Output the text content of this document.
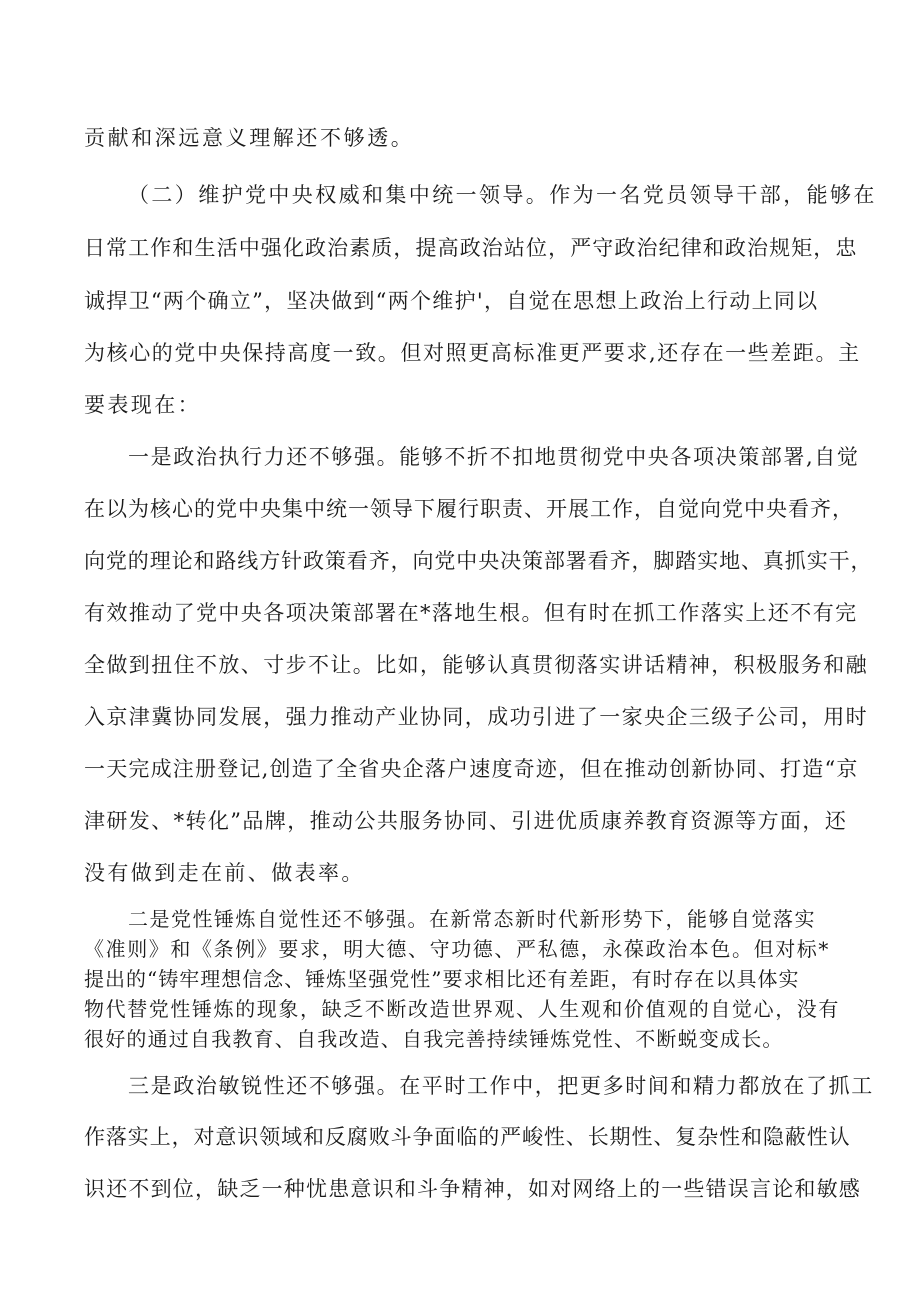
贡献和深远意义理解还不够透。
（二）维护党中央权威和集中统一领导。作为一名党员领导干部，能够在
日常工作和生活中强化政治素质，提高政治站位，严守政治纪律和政治规矩，忠
诚捍卫“两个确立”，坚决做到“两个维护'，自觉在思想上政治上行动上同以
为核心的党中央保持高度一致。但对照更高标准更严要求,还存在一些差距。主
要表现在：
一是政治执行力还不够强。能够不折不扣地贯彻党中央各项决策部署,自觉
在以为核心的党中央集中统一领导下履行职责、开展工作，自觉向党中央看齐，
向党的理论和路线方针政策看齐，向党中央决策部署看齐，脚踏实地、真抓实干，
有效推动了党中央各项决策部署在*落地生根。但有时在抓工作落实上还不有完
全做到扭住不放、寸步不让。比如，能够认真贯彻落实讲话精神，积极服务和融
入京津冀协同发展，强力推动产业协同，成功引进了一家央企三级子公司，用时
一天完成注册登记,创造了全省央企落户速度奇迹，但在推动创新协同、打造“京
津研发、*转化”品牌，推动公共服务协同、引进优质康养教育资源等方面，还
没有做到走在前、做表率。
二是党性锤炼自觉性还不够强。在新常态新时代新形势下，能够自觉落实
《准则》和《条例》要求，明大德、守功德、严私德，永葆政治本色。但对标*
提出的“铸牢理想信念、锤炼坚强党性”要求相比还有差距，有时存在以具体实
物代替党性锤炼的现象，缺乏不断改造世界观、人生观和价值观的自觉心，没有
很好的通过自我教育、自我改造、自我完善持续锤炼党性、不断蜕变成长。
三是政治敏锐性还不够强。在平时工作中，把更多时间和精力都放在了抓工
作落实上，对意识领域和反腐败斗争面临的严峻性、长期性、复杂性和隐蔽性认
识还不到位，缺乏一种忧患意识和斗争精神，如对网络上的一些错误言论和敏感
